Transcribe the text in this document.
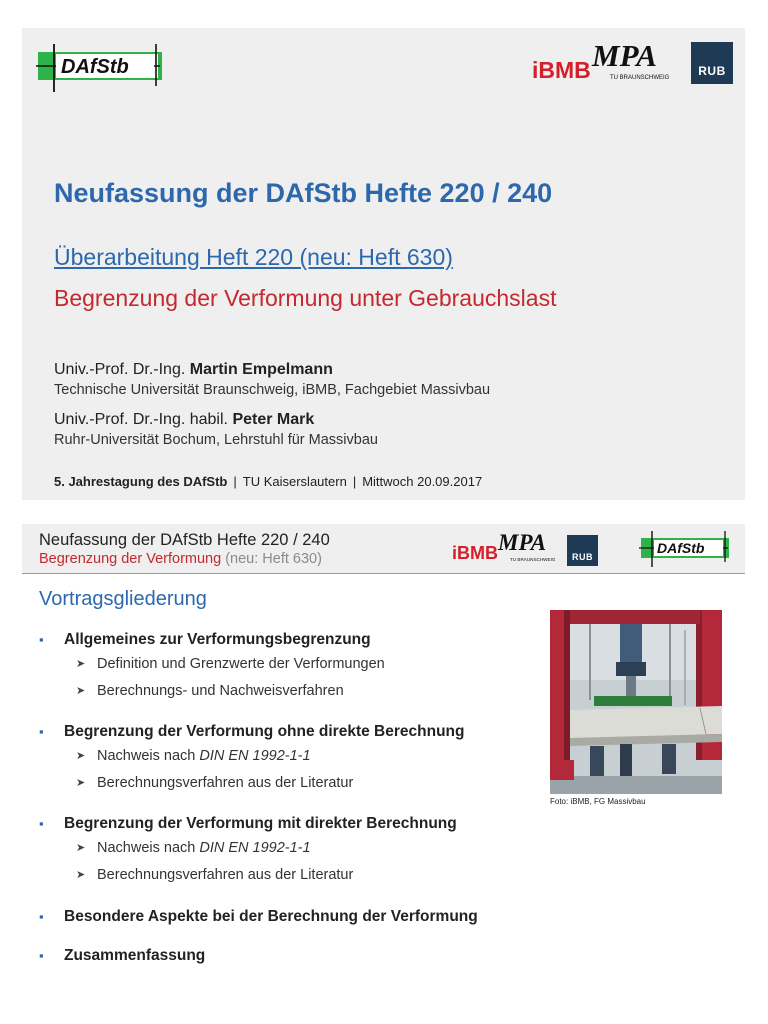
DAfStb	iBMB MPA
TU BRAUNSCHWEIG	RUB
Neufassung der DAfStb Hefte 220 / 240
Überarbeitung Heft 220 (neu: Heft 630)
Begrenzung der Verformung unter Gebrauchslast
Univ.-Prof. Dr.-Ing. Martin Empelmann
Technische Universität Braunschweig, iBMB, Fachgebiet Massivbau
Univ.-Prof. Dr.-Ing. habil. Peter Mark
Ruhr-Universität Bochum, Lehrstuhl für Massivbau
5. Jahrestagung des DAfStb | TU Kaiserslautern | Mittwoch 20.09.2017
Neufassung der DAfStb Hefte 220 / 240
Begrenzung der Verformung (neu: Heft 630)	iBMB MPA
TU BRAUNSCHWEIG	RUB
DAfStb
Vortragsgliederung
▪ Allgemeines zur Verformungsbegrenzung
➤ Definition und Grenzwerte der Verformungen
➤ Berechnungs- und Nachweisverfahren
▪ Begrenzung der Verformung ohne direkte Berechnung
➤ Nachweis nach DIN EN 1992-1-1
➤ Berechnungsverfahren aus der Literatur
▪ Begrenzung der Verformung mit direkter Berechnung
➤ Nachweis nach DIN EN 1992-1-1
➤ Berechnungsverfahren aus der Literatur
▪ Besondere Aspekte bei der Berechnung der Verformung
▪ Zusammenfassung
Foto: iBMB, FG Massivbau
